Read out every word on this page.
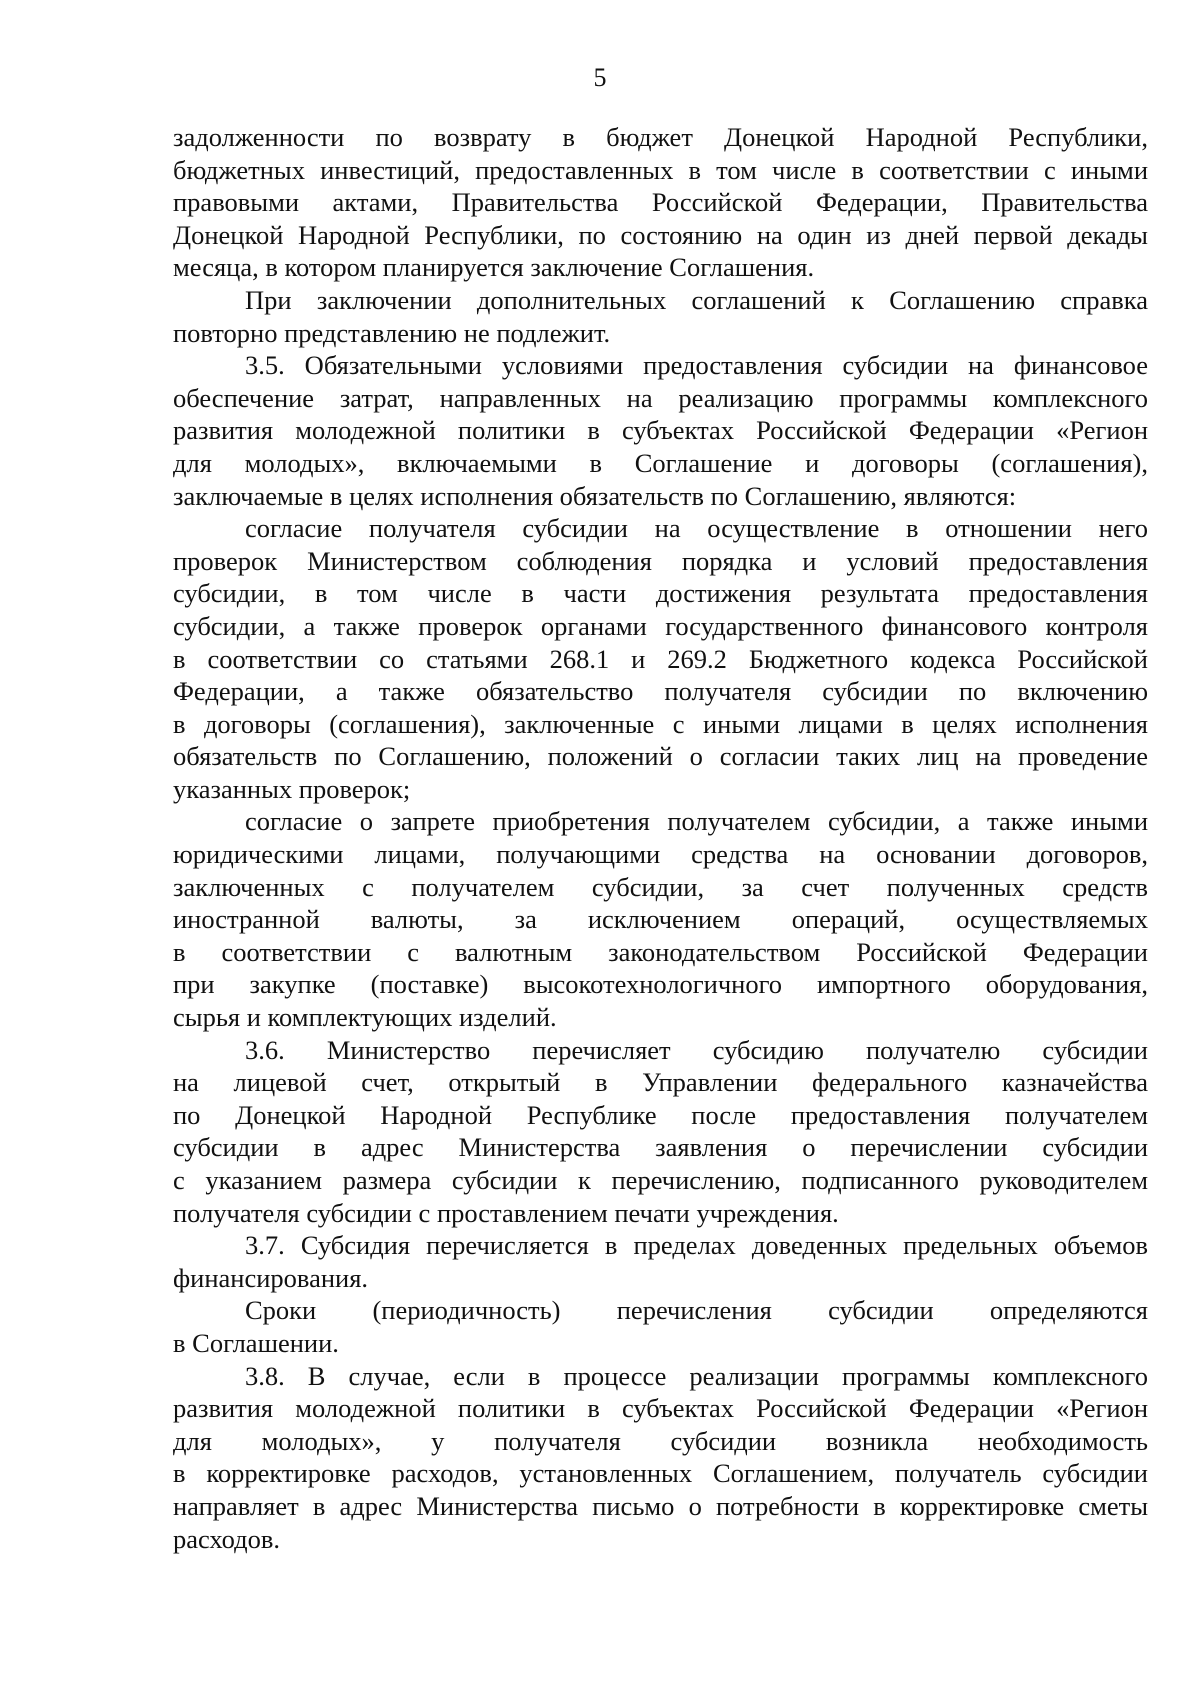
5
задолженности по возврату в бюджет Донецкой Народной Республики,
бюджетных инвестиций, предоставленных в том числе в соответствии с иными
правовыми актами, Правительства Российской Федерации, Правительства
Донецкой Народной Республики, по состоянию на один из дней первой декады
месяца, в котором планируется заключение Соглашения.
При заключении дополнительных соглашений к Соглашению справка
повторно представлению не подлежит.
3.5. Обязательными условиями предоставления субсидии на финансовое
обеспечение затрат, направленных на реализацию программы комплексного
развития молодежной политики в субъектах Российской Федерации «Регион
для молодых», включаемыми в Соглашение и договоры (соглашения),
заключаемые в целях исполнения обязательств по Соглашению, являются:
согласие получателя субсидии на осуществление в отношении него
проверок Министерством соблюдения порядка и условий предоставления
субсидии, в том числе в части достижения результата предоставления
субсидии, а также проверок органами государственного финансового контроля
в соответствии со статьями 268.1 и 269.2 Бюджетного кодекса Российской
Федерации, а также обязательство получателя субсидии по включению
в договоры (соглашения), заключенные с иными лицами в целях исполнения
обязательств по Соглашению, положений о согласии таких лиц на проведение
указанных проверок;
согласие о запрете приобретения получателем субсидии, а также иными
юридическими лицами, получающими средства на основании договоров,
заключенных с получателем субсидии, за счет полученных средств
иностранной валюты, за исключением операций, осуществляемых
в соответствии с валютным законодательством Российской Федерации
при закупке (поставке) высокотехнологичного импортного оборудования,
сырья и комплектующих изделий.
3.6. Министерство перечисляет субсидию получателю субсидии
на лицевой счет, открытый в Управлении федерального казначейства
по Донецкой Народной Республике после предоставления получателем
субсидии в адрес Министерства заявления о перечислении субсидии
с указанием размера субсидии к перечислению, подписанного руководителем
получателя субсидии с проставлением печати учреждения.
3.7. Субсидия перечисляется в пределах доведенных предельных объемов
финансирования.
Сроки (периодичность) перечисления субсидии определяются
в Соглашении.
3.8. В случае, если в процессе реализации программы комплексного
развития молодежной политики в субъектах Российской Федерации «Регион
для молодых», у получателя субсидии возникла необходимость
в корректировке расходов, установленных Соглашением, получатель субсидии
направляет в адрес Министерства письмо о потребности в корректировке сметы
расходов.
